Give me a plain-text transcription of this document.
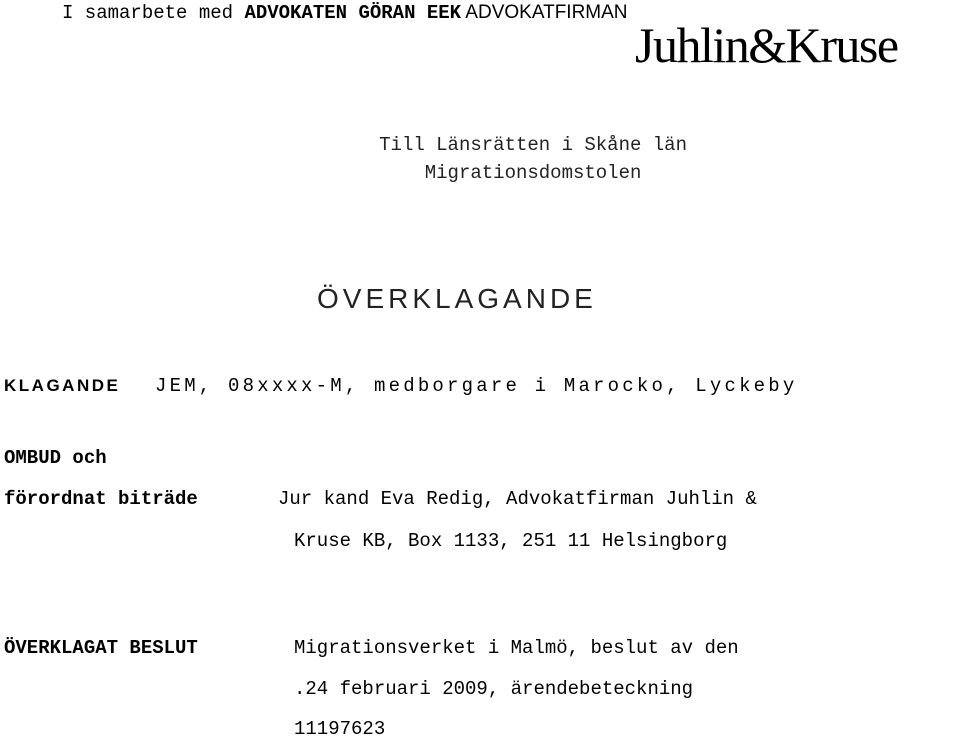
I samarbete med ADVOKATEN GÖRAN EEK ADVOKATFIRMAN
Juhlin&Kruse
Till Länsrätten i Skåne län
Migrationsdomstolen
ÖVERKLAGANDE
KLAGANDE JEM, 08xxxx-M, medborgare i Marocko, Lyckeby
OMBUD och
förordnat biträde	Jur kand Eva Redig, Advokatfirman Juhlin &
Kruse KB, Box 1133, 251 11 Helsingborg
ÖVERKLAGAT BESLUT	Migrationsverket i Malmö, beslut av den
.24 februari 2009, ärendebeteckning
11197623
